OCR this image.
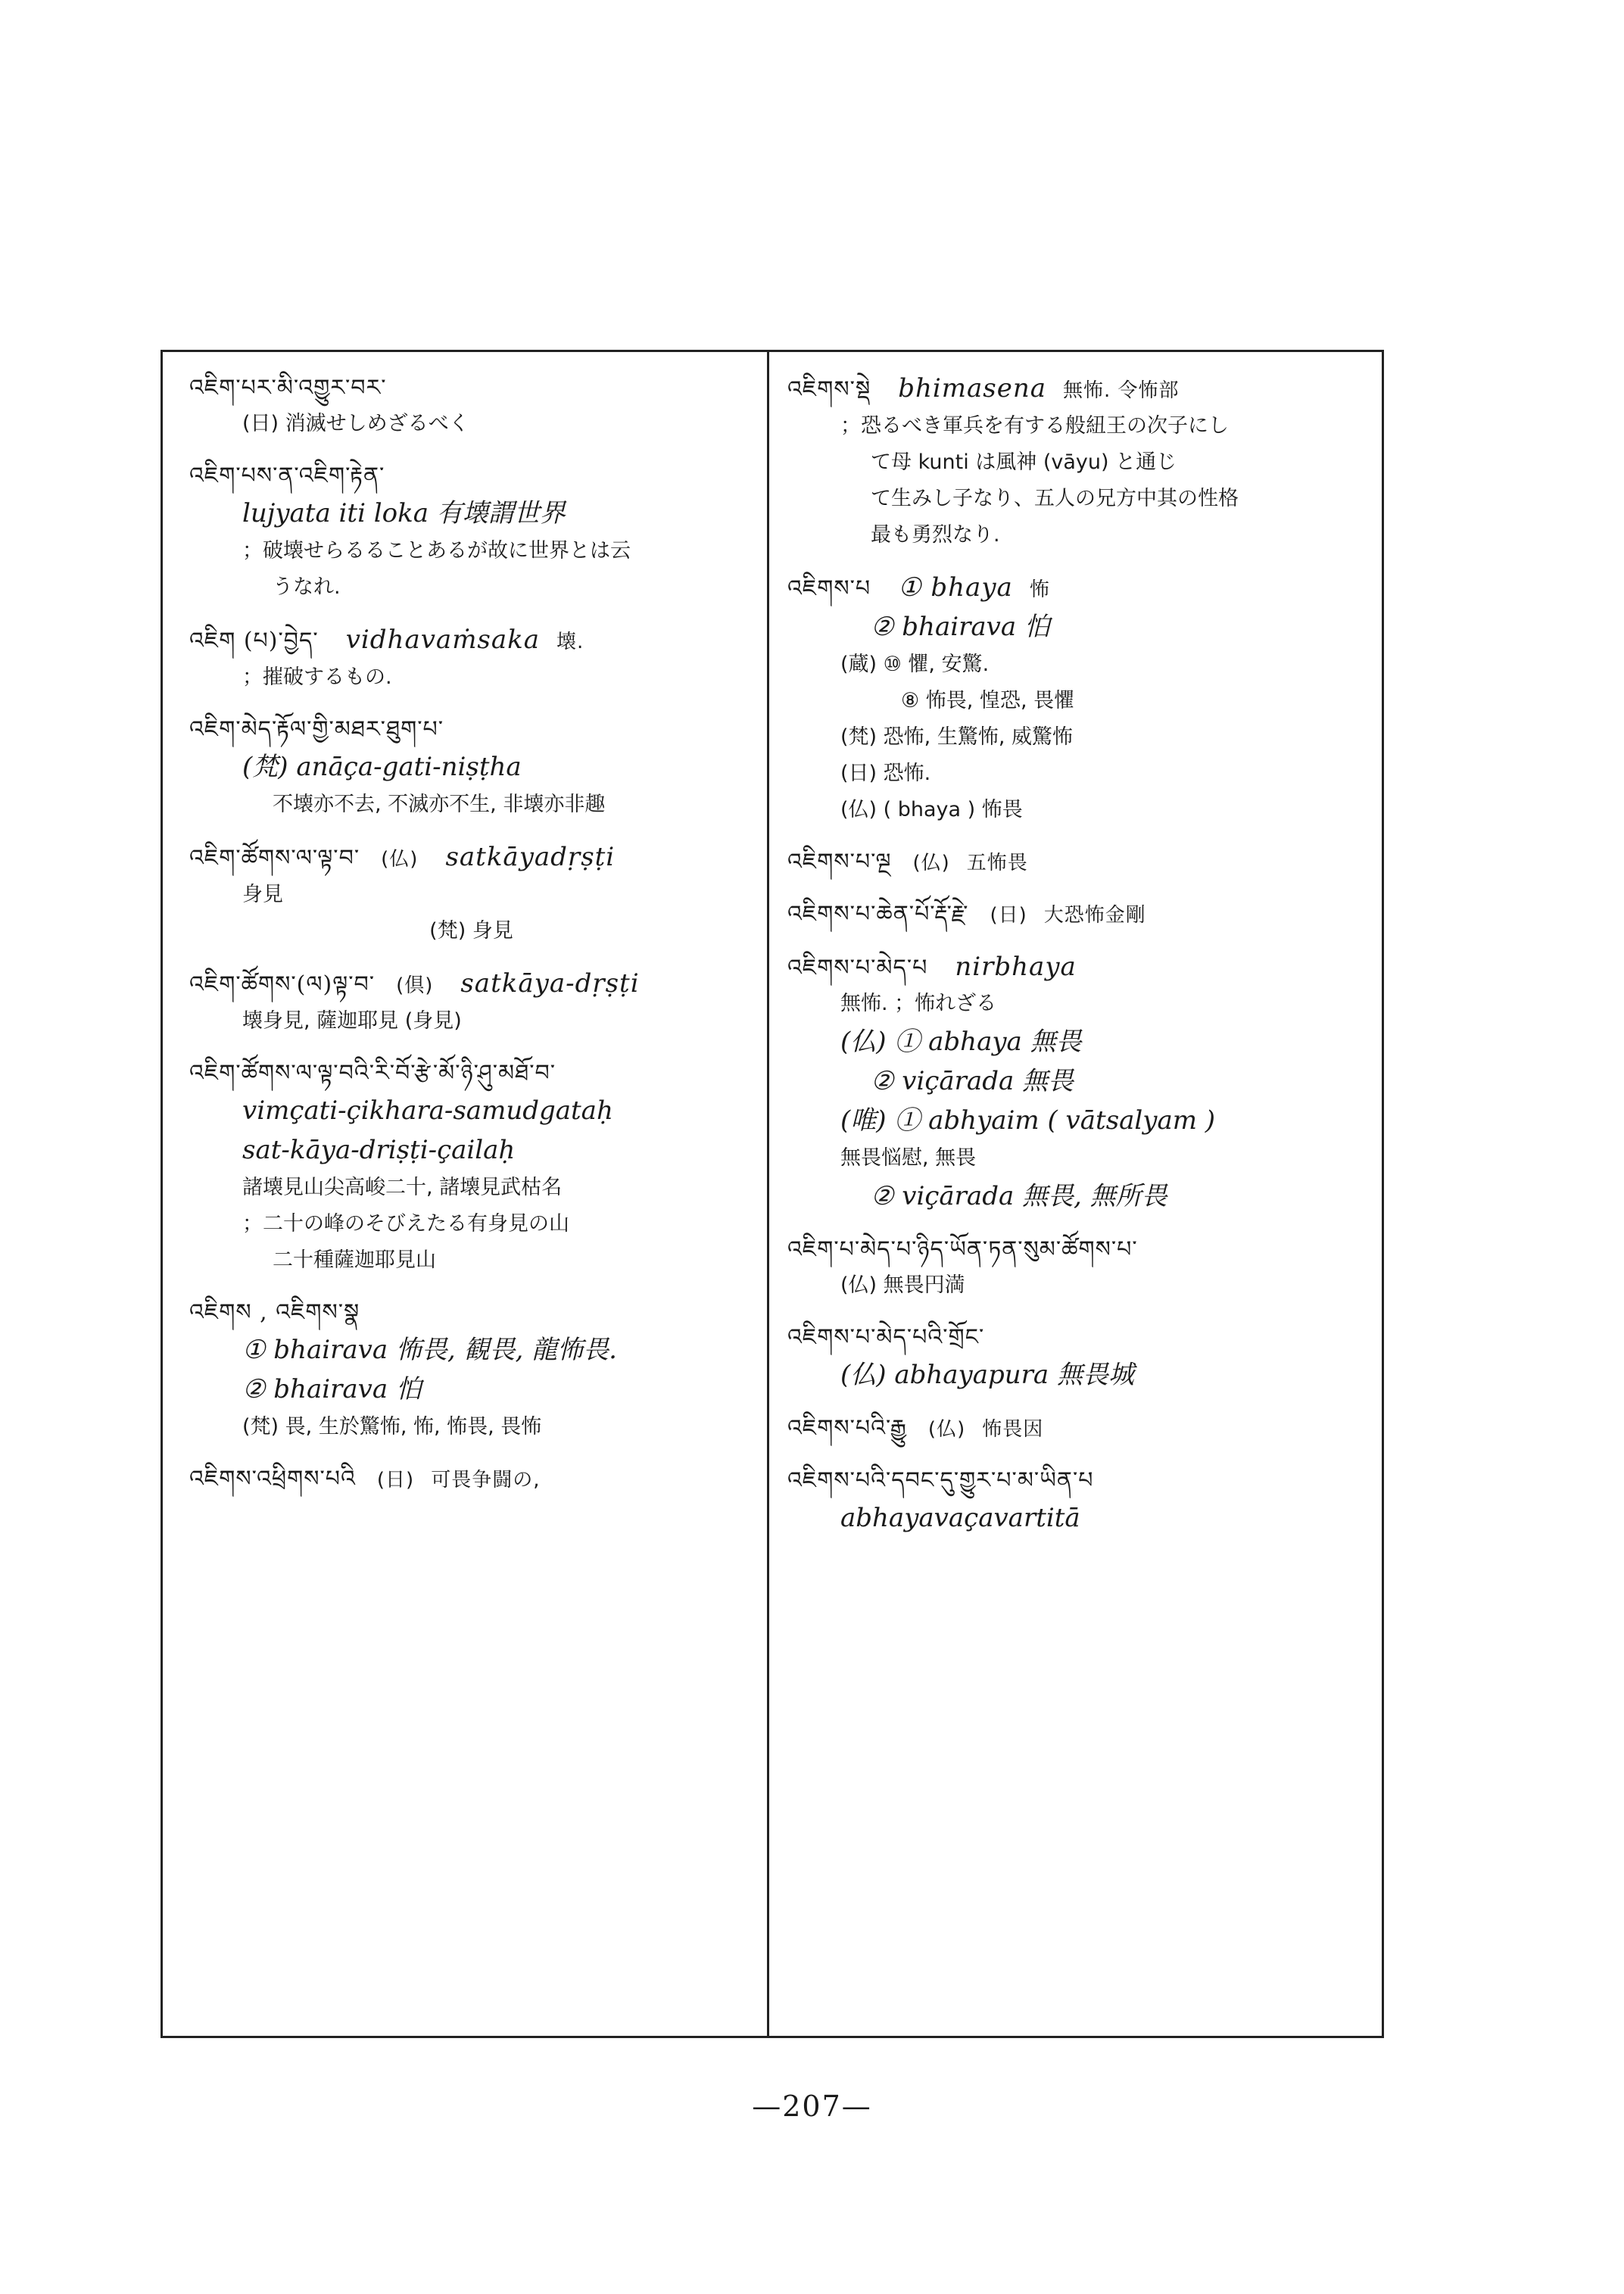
འཇིག་པར་མི་འགྱུར་བར་

(日) 消滅せしめざるべく

འཇིག་པས་ན་འཇིག་རྟེན་

lujyata iti loka 有壊謂世界

；破壊せらるることあるが故に世界とは云

うなれ.

འཇིག (པ)་བྱེད་ vidhavaṁsaka 壊.

；摧破するもの.

འཇིག་མེད་རྟོལ་གྱི་མཐར་ཐུག་པ་

(梵) anāça-gati-niṣṭha

不壊亦不去, 不滅亦不生, 非壊亦非趣

འཇིག་ཚོགས་ལ་ལྟ་བ་ (仏) satkāyadṛṣṭi

身見

(梵) 身見

འཇིག་ཚོགས་(ལ)ལྟ་བ་ (倶) satkāya-dṛṣṭi

壊身見, 薩迦耶見 (身見)

འཇིག་ཚོགས་ལ་ལྟ་བའི་རི་བོ་རྩེ་མོ་ཉི་ཤུ་མཐོ་བ་

vimçati-çikhara-samudgataḥ

sat-kāya-driṣṭi-çailaḥ

諸壊見山尖高峻二十, 諸壊見武枯名

；二十の峰のそびえたる有身見の山

二十種薩迦耶見山

འཇིགས , འཇིགས་སྣ

① bhairava 怖畏, 観畏, 龍怖畏.

② bhairava 怕

(梵) 畏, 生於驚怖, 怖, 怖畏, 畏怖

འཇིགས་འཕྲིགས་པའི (日) 可畏争闘の,

འཇིགས་སྡེ bhimasena 無怖. 令怖部

；恐るべき軍兵を有する般紐王の次子にし

て母 kunti は風神 (vāyu) と通じ

て生みし子なり、五人の兄方中其の性格

最も勇烈なり.

འཇིགས་པ ① bhaya 怖

② bhairava 怕

(蔵) ⑩ 懼, 安驚.

⑧ 怖畏, 惶恐, 畏懼

(梵) 恐怖, 生驚怖, 威驚怖

(日) 恐怖.

(仏) ( bhaya ) 怖畏

འཇིགས་པ་ལྔ (仏) 五怖畏

འཇིགས་པ་ཆེན་པོ་རྡོ་རྗེ་ (日) 大恐怖金剛

འཇིགས་པ་མེད་པ nirbhaya

無怖. ；怖れざる

(仏) ① abhaya 無畏

② viçārada 無畏

(唯) ① abhyaim ( vātsalyam )

無畏悩慰, 無畏

② viçārada 無畏, 無所畏

འཇིག་པ་མེད་པ་ཉིད་ཡོན་ཏན་སུམ་ཚོགས་པ་

(仏) 無畏円満

འཇིགས་པ་མེད་པའི་གྲོང་

(仏) abhayapura 無畏城

འཇིགས་པའི་རྒྱུ (仏) 怖畏因

འཇིགས་པའི་དབང་དུ་གྱུར་པ་མ་ཡིན་པ

abhayavaçavartitā

—207—
